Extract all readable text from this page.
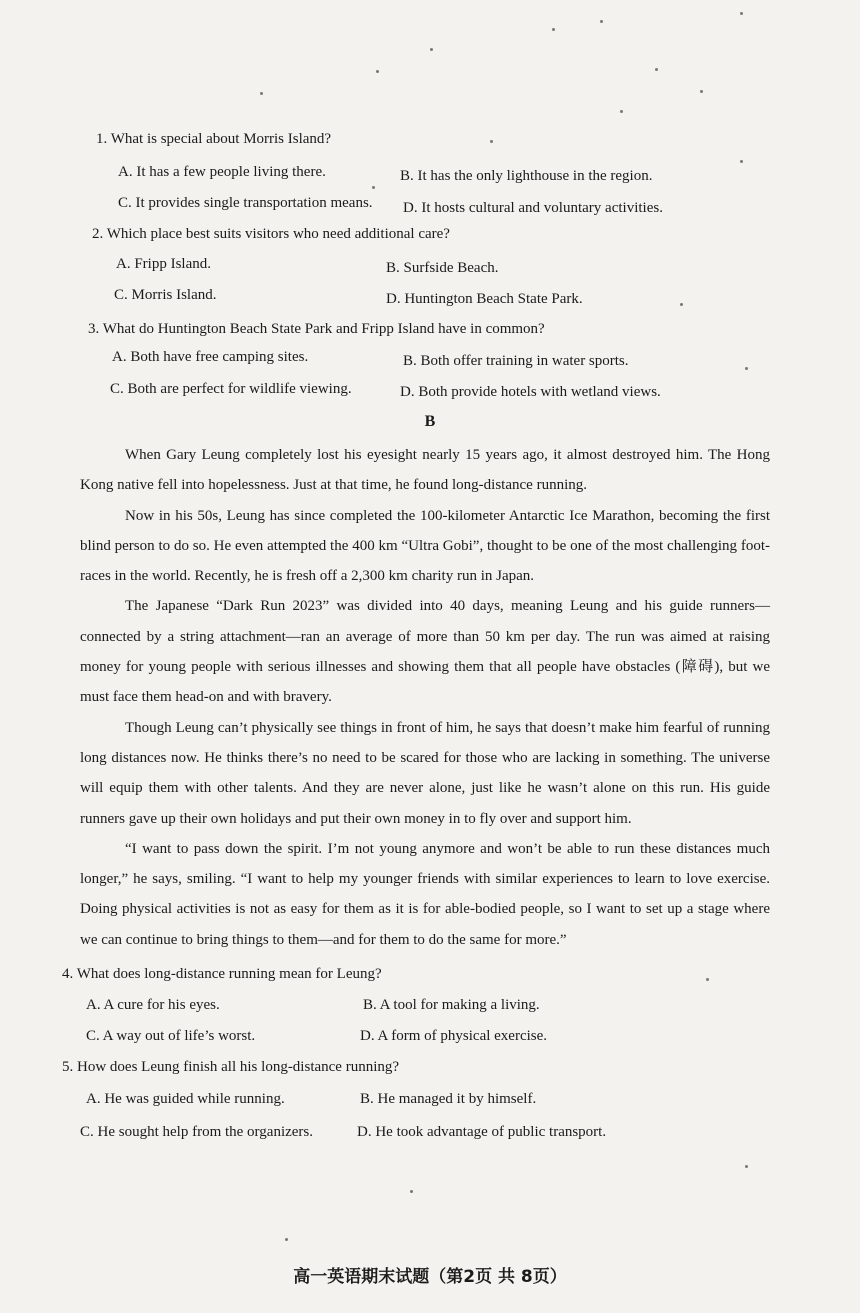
1. What is special about Morris Island?
A. It has a few people living there.	B. It has the only lighthouse in the region.
C. It provides single transportation means. D. It hosts cultural and voluntary activities.
2. Which place best suits visitors who need additional care?
A. Fripp Island.	B. Surfside Beach.
C. Morris Island.	D. Huntington Beach State Park.
3. What do Huntington Beach State Park and Fripp Island have in common?
A. Both have free camping sites.	B. Both offer training in water sports.
C. Both are perfect for wildlife viewing.	D. Both provide hotels with wetland views.
B

When Gary Leung completely lost his eyesight nearly 15 years ago, it almost destroyed him. The Hong Kong native fell into hopelessness. Just at that time, he found long-distance running.

Now in his 50s, Leung has since completed the 100-kilometer Antarctic Ice Marathon, becoming the first blind person to do so. He even attempted the 400 km “Ultra Gobi”, thought to be one of the most challenging foot-races in the world. Recently, he is fresh off a 2,300 km charity run in Japan.

The Japanese “Dark Run 2023” was divided into 40 days, meaning Leung and his guide runners—connected by a string attachment—ran an average of more than 50 km per day. The run was aimed at raising money for young people with serious illnesses and showing them that all people have obstacles (障碍), but we must face them head-on and with bravery.

Though Leung can’t physically see things in front of him, he says that doesn’t make him fearful of running long distances now. He thinks there’s no need to be scared for those who are lacking in something. The universe will equip them with other talents. And they are never alone, just like he wasn’t alone on this run. His guide runners gave up their own holidays and put their own money in to fly over and support him.

“I want to pass down the spirit. I’m not young anymore and won’t be able to run these distances much longer,” he says, smiling. “I want to help my younger friends with similar experiences to learn to love exercise. Doing physical activities is not as easy for them as it is for able-bodied people, so I want to set up a stage where we can continue to bring things to them—and for them to do the same for more.”

4. What does long-distance running mean for Leung?
A. A cure for his eyes.	B. A tool for making a living.
C. A way out of life’s worst.	D. A form of physical exercise.
5. How does Leung finish all his long-distance running?
A. He was guided while running.	B. He managed it by himself.
C. He sought help from the organizers.	D. He took advantage of public transport.
高一英语期末试题（第2页 共 8页）
